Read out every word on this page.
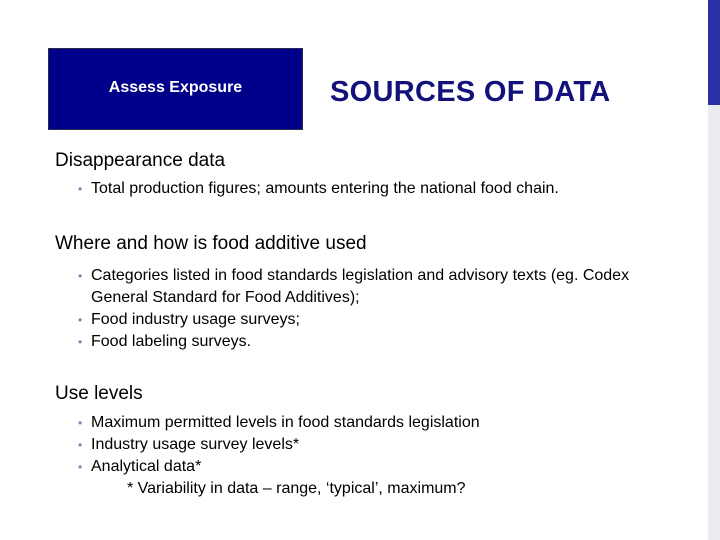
Assess Exposure	SOURCES OF DATA
Disappearance data
• Total production figures; amounts entering the national food chain.
Where and how is food additive used
• Categories listed in food standards legislation and advisory texts (eg. Codex General Standard for Food Additives);
• Food industry usage surveys;
• Food labeling surveys.
Use levels
• Maximum permitted levels in food standards legislation
• Industry usage survey levels*
• Analytical data*
* Variability in data – range, ‘typical’, maximum?
